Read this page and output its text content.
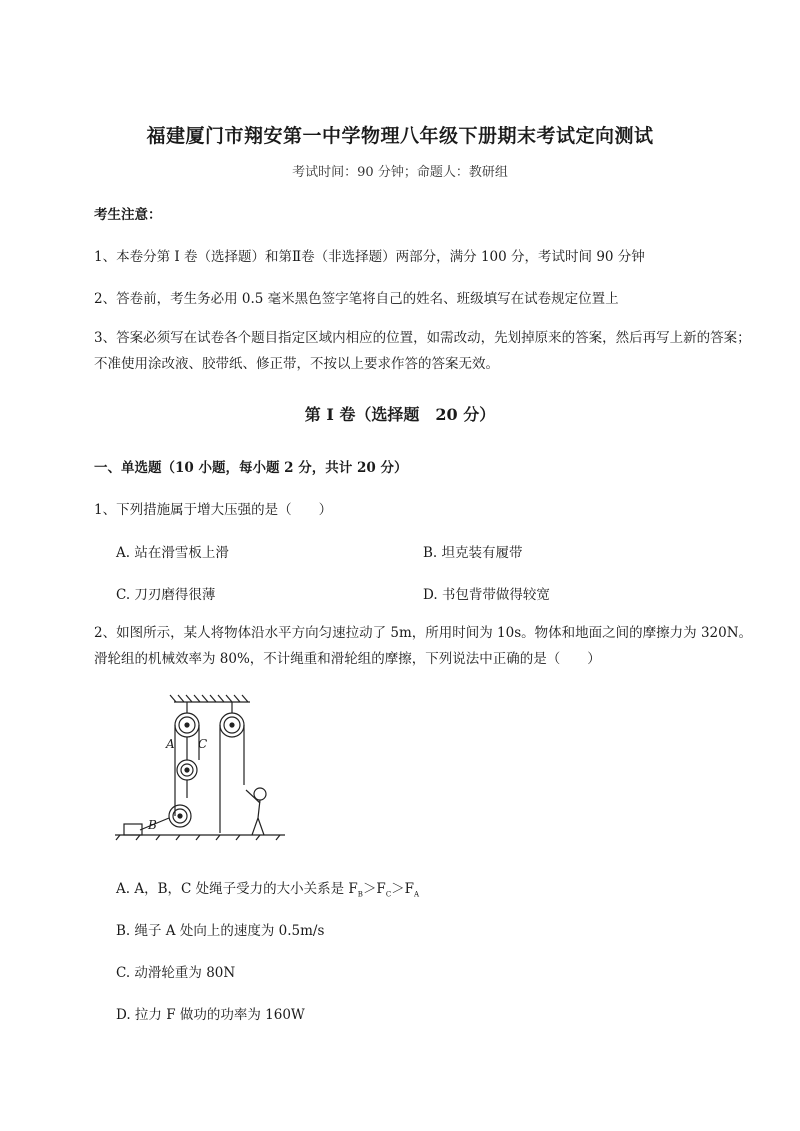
福建厦门市翔安第一中学物理八年级下册期末考试定向测试
考试时间：90 分钟；命题人：教研组
考生注意：
1、本卷分第 I 卷（选择题）和第Ⅱ卷（非选择题）两部分，满分 100 分，考试时间 90 分钟
2、答卷前，考生务必用 0.5 毫米黑色签字笔将自己的姓名、班级填写在试卷规定位置上
3、答案必须写在试卷各个题目指定区域内相应的位置，如需改动，先划掉原来的答案，然后再写上新的答案；不准使用涂改液、胶带纸、修正带，不按以上要求作答的答案无效。
第 I 卷（选择题　20 分）
一、单选题（10 小题，每小题 2 分，共计 20 分）
1、下列措施属于增大压强的是（　　）
A. 站在滑雪板上滑	B. 坦克装有履带
C. 刀刃磨得很薄	D. 书包背带做得较宽
2、如图所示，某人将物体沿水平方向匀速拉动了 5m，所用时间为 10s。物体和地面之间的摩擦力为 320N。滑轮组的机械效率为 80%，不计绳重和滑轮组的摩擦，下列说法中正确的是（　　）
A C
B
A. A，B，C 处绳子受力的大小关系是 $F_B>F_C>F_A$
B. 绳子 A 处向上的速度为 0.5m/s
C. 动滑轮重为 80N
D. 拉力 F 做功的功率为 160W
